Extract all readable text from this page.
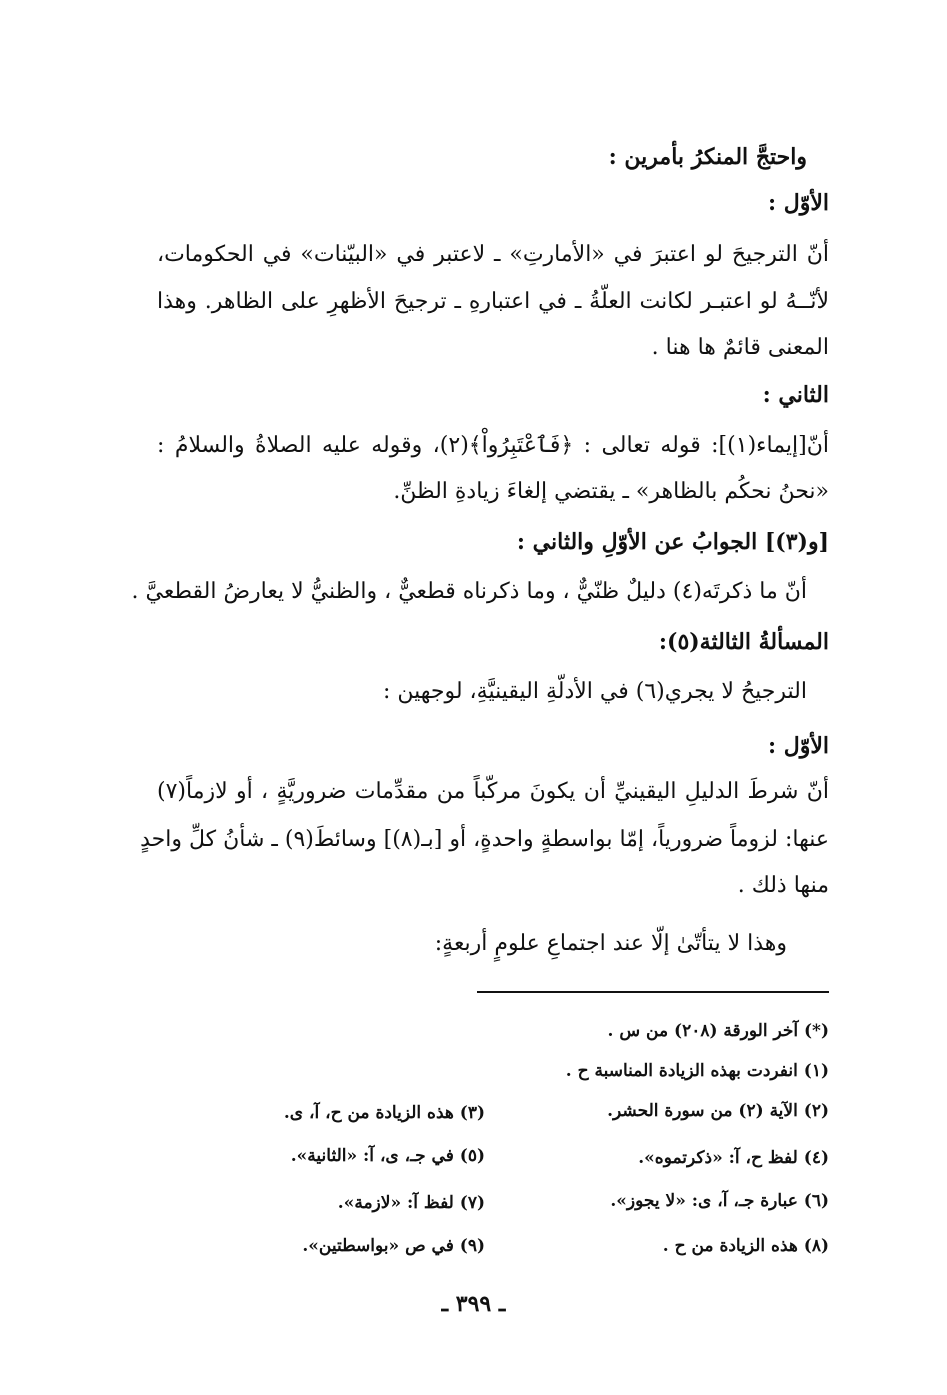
واحتجَّ المنكرُ بأمرين :
الأوّل :
أنّ الترجيحَ لو اعتبرَ في «الأمارتِ» ـ لاعتبر في «البيّنات» في الحكومات،
لأنّــهُ لو اعتبـر لكانت العلّةُ ـ في اعتبارهِ ـ ترجيحَ الأظهرِ على الظاهر. وهذا
المعنى قائمٌ ها هنا .
الثاني :
أنّ[إيماء(١)]: قوله تعالى : ﴿فَٱعْتَبِرُواْ﴾(٢)، وقوله عليه الصلاةُ والسلامُ :
«نحنُ نحكُم بالظاهر» ـ يقتضي إلغاءَ زيادةِ الظنِّ.
[و(٣)] الجوابُ عن الأوّلِ والثاني :
أنّ ما ذكرتَه(٤) دليلٌ ظنّيٌّ ، وما ذكرناه قطعيٌّ ، والظنيُّ لا يعارضُ القطعيَّ .
المسألةُ الثالثة(٥):
الترجيحُ لا يجري(٦) في الأدلّةِ اليقينيَّةِ، لوجهين :
الأوّل :
أنّ شرطَ الدليلِ اليقينيِّ أن يكونَ مركّباً من مقدِّمات ضروريَّةٍ ، أو لازماً(٧)
عنها: لزوماً ضرورياً، إمّا بواسطةٍ واحدةٍ، أو [بـ(٨)] وسائطَ(٩) ـ شأنُ كلِّ واحدٍ
منها ذلك .
وهذا لا يتأتّىٰ إلّا عند اجتماعِ علومٍ أربعةٍ:
(*) آخر الورقة (٢٠٨) من س .
(١) انفردت بهذه الزيادة المناسبة ح .
(٢) الآية (٢) من سورة الحشر.
(٣) هذه الزيادة من ح، آ، ى.
(٤) لفظ ح، آ: «ذكرتموه».
(٥) في جـ، ى، آ: «الثانية».
(٦) عبارة جـ، آ، ى: «لا يجوز».
(٧) لفظ آ: «لازمة».
(٨) هذه الزيادة من ح .
(٩) في ص «بواسطتين».
ـ ٣٩٩ ـ
